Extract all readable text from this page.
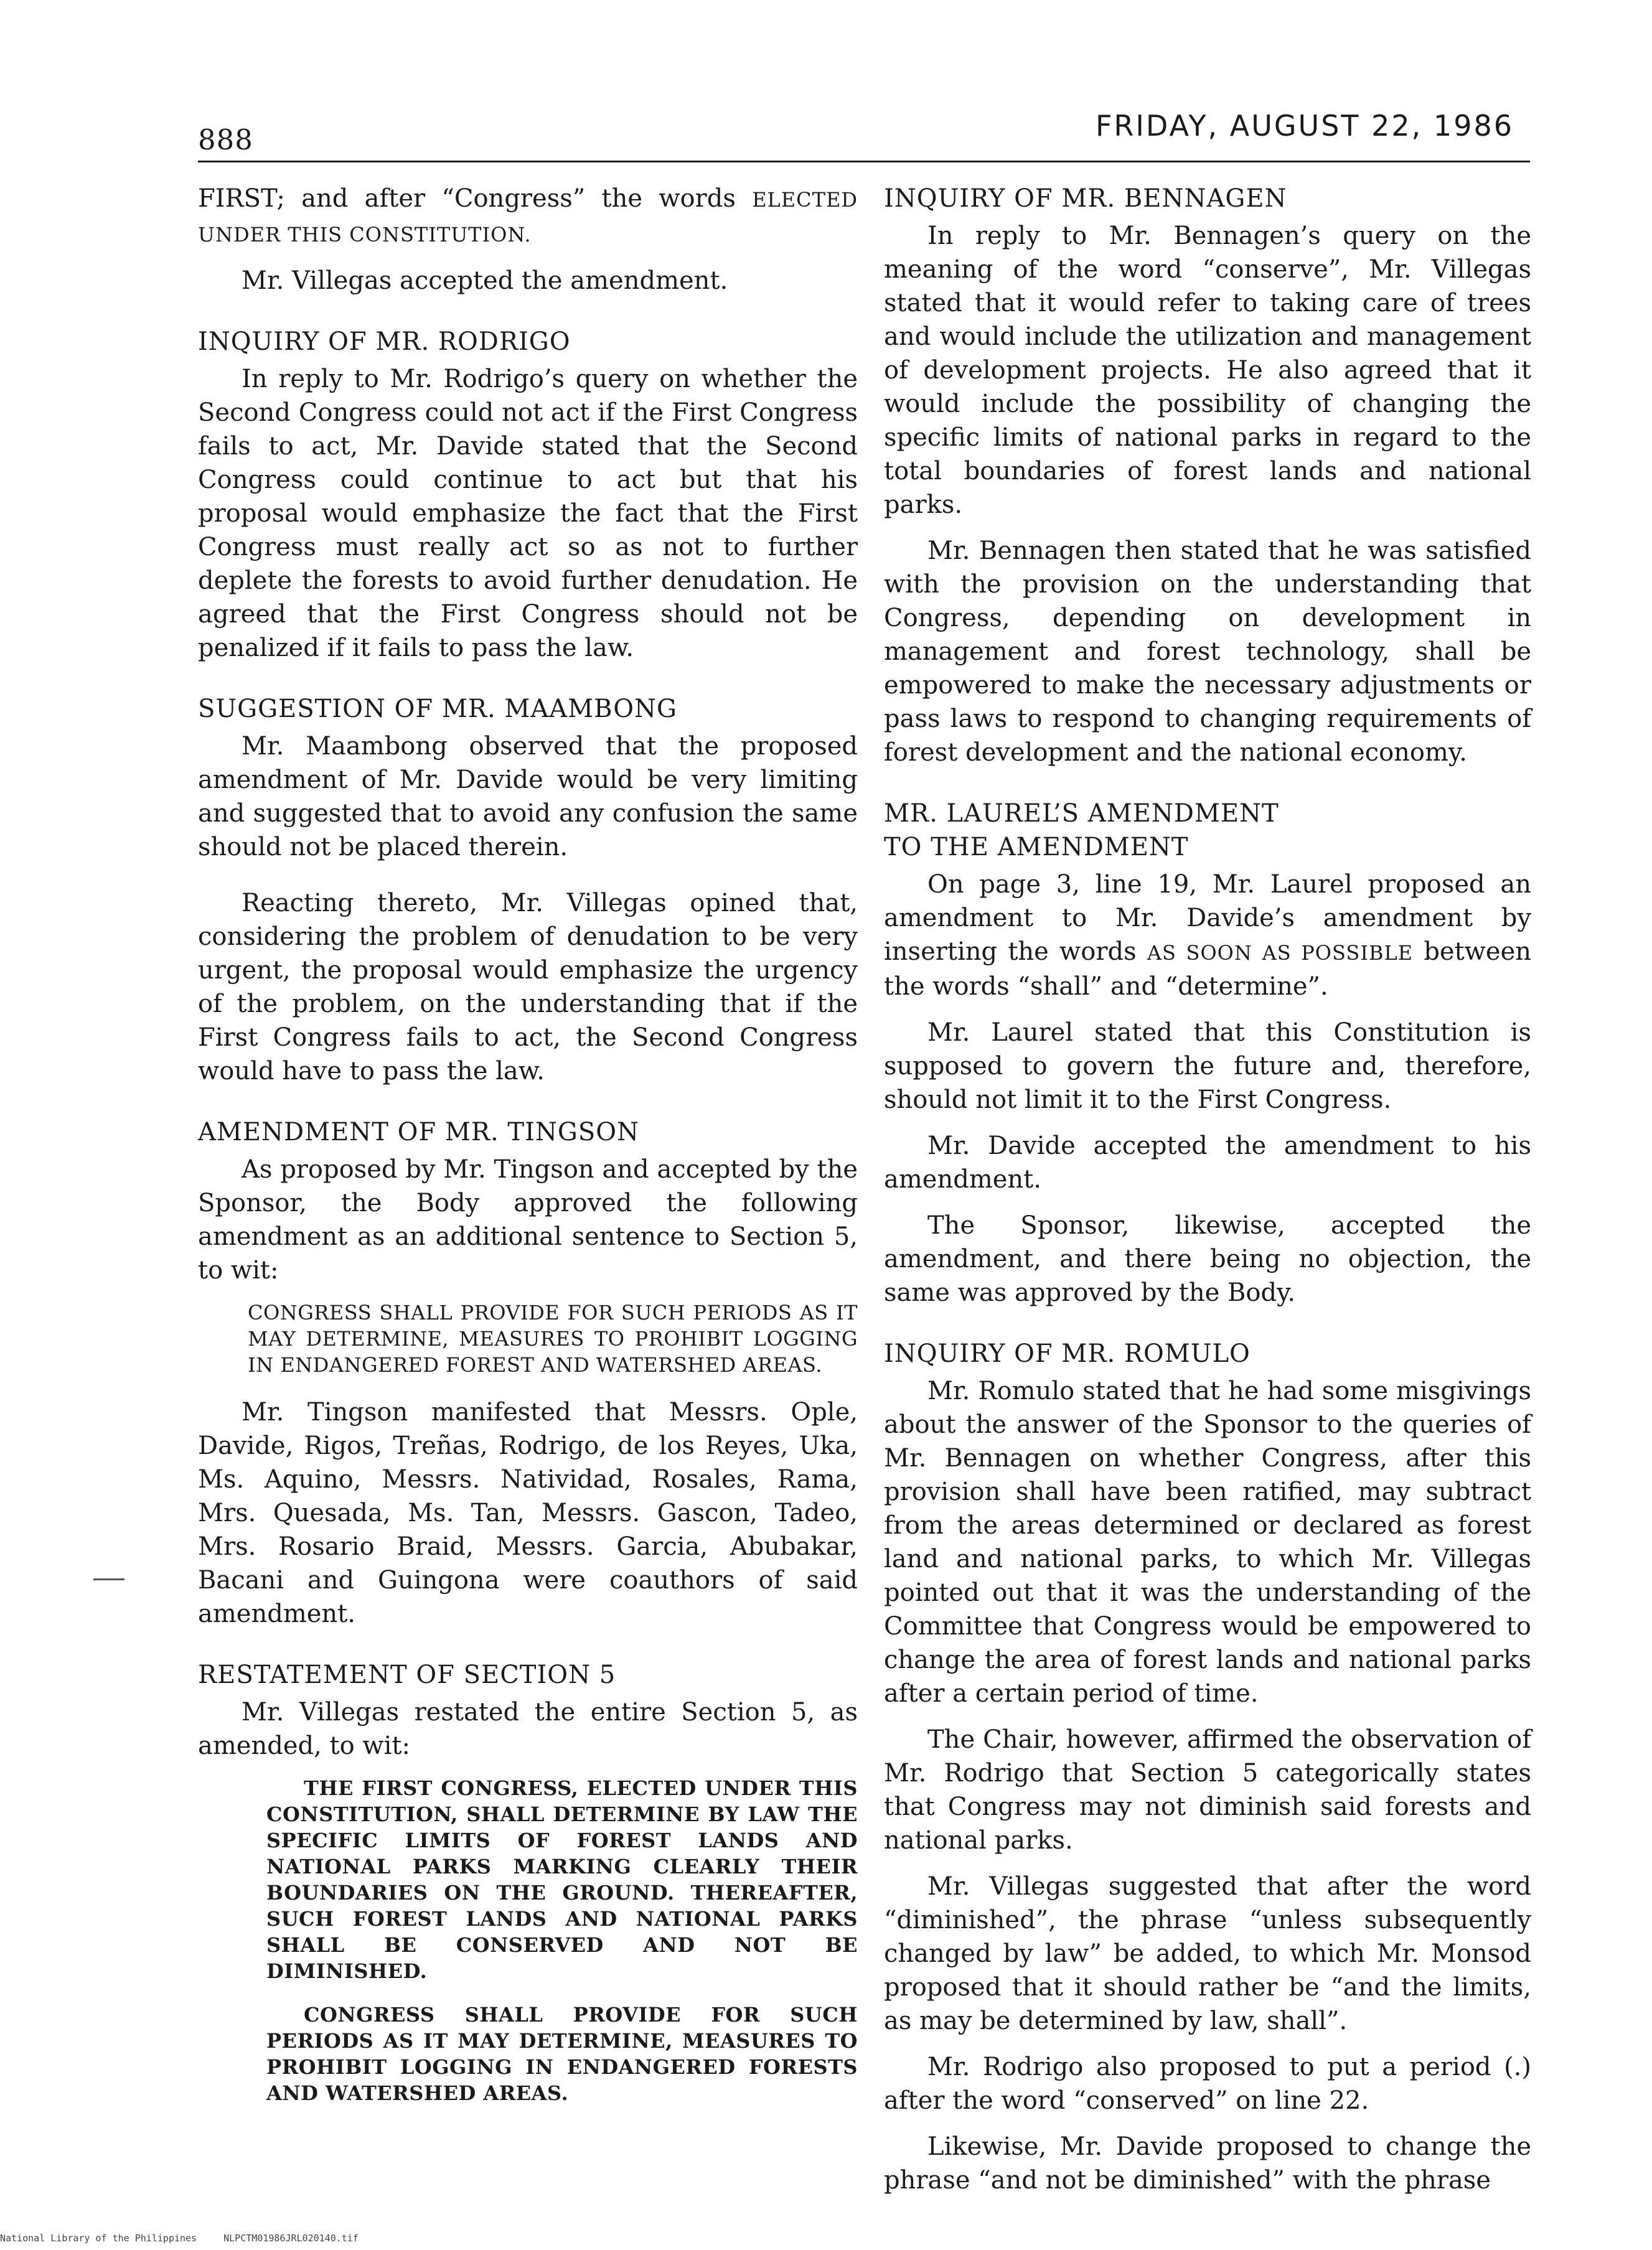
888	FRIDAY, AUGUST 22, 1986

FIRST; and after “Congress” the words ELECTED UNDER THIS CONSTITUTION.

Mr. Villegas accepted the amendment.

INQUIRY OF MR. RODRIGO

In reply to Mr. Rodrigo’s query on whether the Second Congress could not act if the First Congress fails to act, Mr. Davide stated that the Second Congress could continue to act but that his proposal would emphasize the fact that the First Congress must really act so as not to further deplete the forests to avoid further denudation. He agreed that the First Congress should not be penalized if it fails to pass the law.

SUGGESTION OF MR. MAAMBONG

Mr. Maambong observed that the proposed amendment of Mr. Davide would be very limiting and suggested that to avoid any confusion the same should not be placed therein.

Reacting thereto, Mr. Villegas opined that, considering the problem of denudation to be very urgent, the proposal would emphasize the urgency of the problem, on the understanding that if the First Congress fails to act, the Second Congress would have to pass the law.

AMENDMENT OF MR. TINGSON

As proposed by Mr. Tingson and accepted by the Sponsor, the Body approved the following amendment as an additional sentence to Section 5, to wit:

CONGRESS SHALL PROVIDE FOR SUCH PERIODS AS IT MAY DETERMINE, MEASURES TO PROHIBIT LOGGING IN ENDANGERED FOREST AND WATERSHED AREAS.

Mr. Tingson manifested that Messrs. Ople, Davide, Rigos, Treñas, Rodrigo, de los Reyes, Uka, Ms. Aquino, Messrs. Natividad, Rosales, Rama, Mrs. Quesada, Ms. Tan, Messrs. Gascon, Tadeo, Mrs. Rosario Braid, Messrs. Garcia, Abubakar, Bacani and Guingona were coauthors of said amendment.

RESTATEMENT OF SECTION 5

Mr. Villegas restated the entire Section 5, as amended, to wit:

THE FIRST CONGRESS, ELECTED UNDER THIS CONSTITUTION, SHALL DETERMINE BY LAW THE SPECIFIC LIMITS OF FOREST LANDS AND NATIONAL PARKS MARKING CLEARLY THEIR BOUNDARIES ON THE GROUND. THEREAFTER, SUCH FOREST LANDS AND NATIONAL PARKS SHALL BE CONSERVED AND NOT BE DIMINISHED.
CONGRESS SHALL PROVIDE FOR SUCH PERIODS AS IT MAY DETERMINE, MEASURES TO PROHIBIT LOGGING IN ENDANGERED FORESTS AND WATERSHED AREAS.
INQUIRY OF MR. BENNAGEN

In reply to Mr. Bennagen’s query on the meaning of the word “conserve”, Mr. Villegas stated that it would refer to taking care of trees and would include the utilization and management of development projects. He also agreed that it would include the possibility of changing the specific limits of national parks in regard to the total boundaries of forest lands and national parks.

Mr. Bennagen then stated that he was satisfied with the provision on the understanding that Congress, depending on development in management and forest technology, shall be empowered to make the necessary adjustments or pass laws to respond to changing requirements of forest development and the national economy.

MR. LAUREL’S AMENDMENT
TO THE AMENDMENT

On page 3, line 19, Mr. Laurel proposed an amendment to Mr. Davide’s amendment by inserting the words AS SOON AS POSSIBLE between the words “shall” and “determine”.

Mr. Laurel stated that this Constitution is supposed to govern the future and, therefore, should not limit it to the First Congress.

Mr. Davide accepted the amendment to his amendment.

The Sponsor, likewise, accepted the amendment, and there being no objection, the same was approved by the Body.

INQUIRY OF MR. ROMULO

Mr. Romulo stated that he had some misgivings about the answer of the Sponsor to the queries of Mr. Bennagen on whether Congress, after this provision shall have been ratified, may subtract from the areas determined or declared as forest land and national parks, to which Mr. Villegas pointed out that it was the understanding of the Committee that Congress would be empowered to change the area of forest lands and national parks after a certain period of time.

The Chair, however, affirmed the observation of Mr. Rodrigo that Section 5 categorically states that Congress may not diminish said forests and national parks.

Mr. Villegas suggested that after the word “diminished”, the phrase “unless subsequently changed by law” be added, to which Mr. Monsod proposed that it should rather be “and the limits, as may be determined by law, shall”.

Mr. Rodrigo also proposed to put a period (.) after the word “conserved” on line 22.

Likewise, Mr. Davide proposed to change the phrase “and not be diminished” with the phrase

National Library of the Philippines	NLPCTM01986JRL020140.tif
